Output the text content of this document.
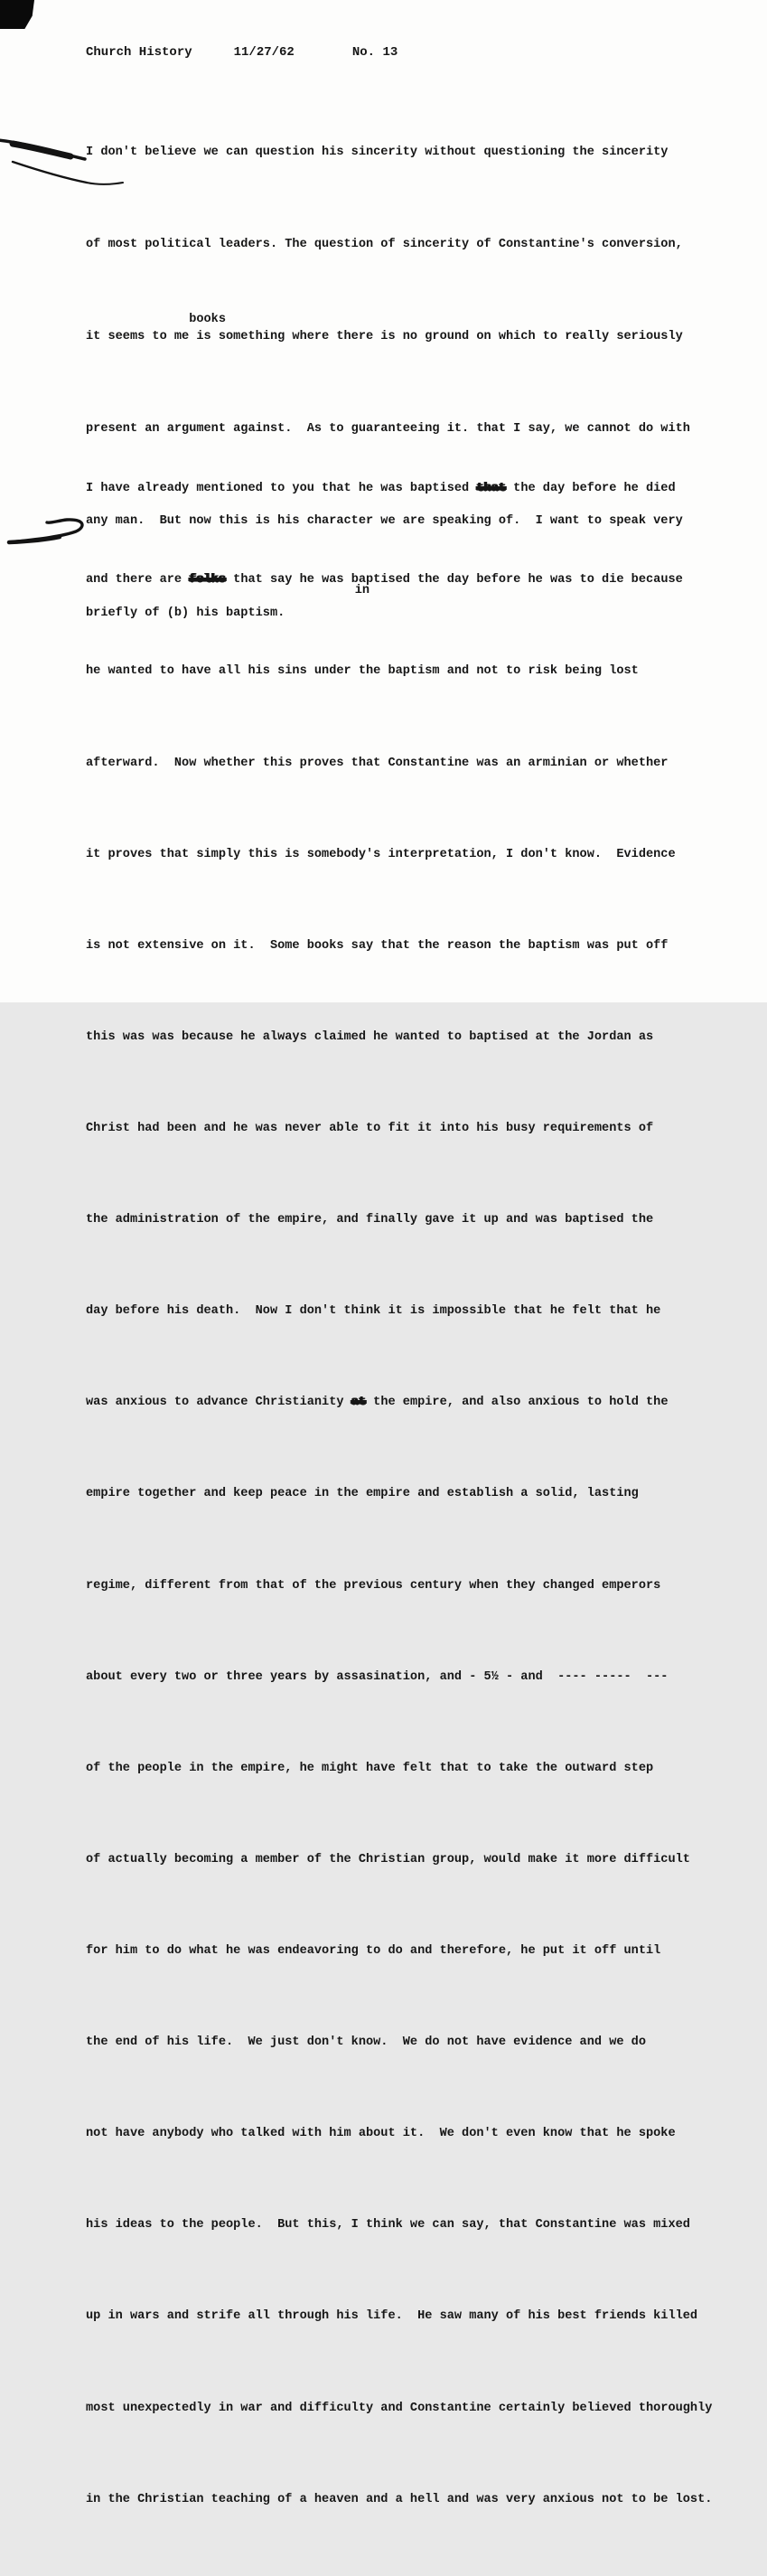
Church History	11/27/62	No. 13

I don't believe we can question his sincerity without questioning the sincerity

of most political leaders. The question of sincerity of Constantine's conversion,

it seems to me is something where there is no ground on which to really seriously

present an argument against.  As to guaranteeing it. that I say, we cannot do with

any man.  But now this is his character we are speaking of.  I want to speak very

briefly of (b) his baptism.

books

in

I have already mentioned to you that he was baptised that the day before he died

and there are folks that say he was baptised the day before he was to die because

he wanted to have all his sins under the baptism and not to risk being lost

afterward.  Now whether this proves that Constantine was an arminian or whether

it proves that simply this is somebody's interpretation, I don't know.  Evidence

is not extensive on it.  Some books say that the reason the baptism was put off

this was was because he always claimed he wanted to baptised at the Jordan as

Christ had been and he was never able to fit it into his busy requirements of

the administration of the empire, and finally gave it up and was baptised the

day before his death.  Now I don't think it is impossible that he felt that he

was anxious to advance Christianity at the empire, and also anxious to hold the

empire together and keep peace in the empire and establish a solid, lasting

regime, different from that of the previous century when they changed emperors

about every two or three years by assasination, and - 5½ - and  ---- -----  ---

of the people in the empire, he might have felt that to take the outward step

of actually becoming a member of the Christian group, would make it more difficult

for him to do what he was endeavoring to do and therefore, he put it off until

the end of his life.  We just don't know.  We do not have evidence and we do

not have anybody who talked with him about it.  We don't even know that he spoke

his ideas to the people.  But this, I think we can say, that Constantine was mixed

up in wars and strife all through his life.  He saw many of his best friends killed

most unexpectedly in war and difficulty and Constantine certainly believed thoroughly

in the Christian teaching of a heaven and a hell and was very anxious not to be lost.
